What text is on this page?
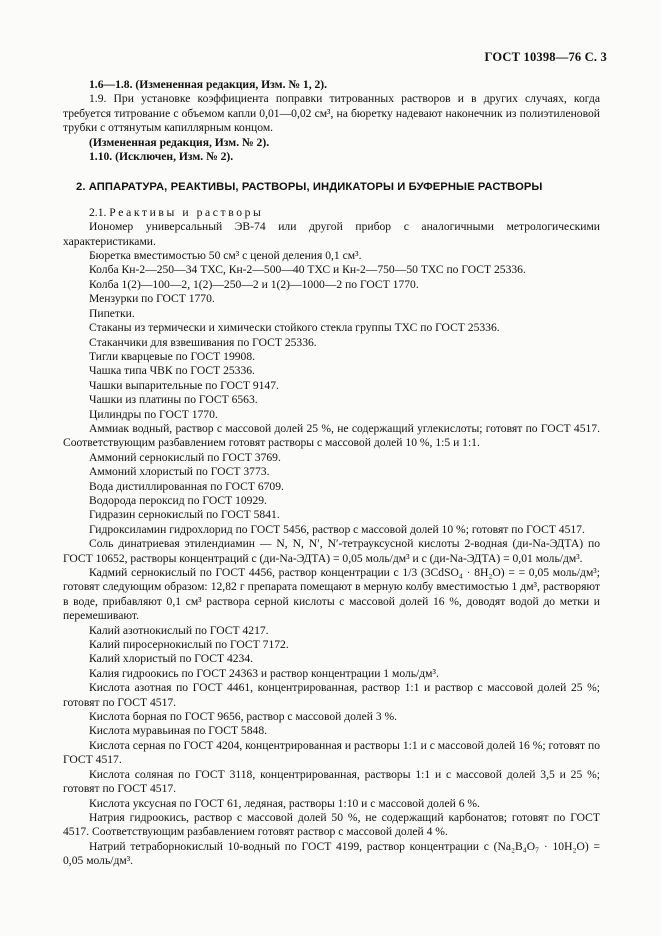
ГОСТ 10398—76 С. 3

1.6—1.8. (Измененная редакция, Изм. № 1, 2).

1.9. При установке коэффициента поправки титрованных растворов и в других случаях, когда требуется титрование с объемом капли 0,01—0,02 см³, на бюретку надевают наконечник из полиэтиленовой трубки с оттянутым капиллярным концом.

(Измененная редакция, Изм. № 2).

1.10. (Исключен, Изм. № 2).

2. АППАРАТУРА, РЕАКТИВЫ, РАСТВОРЫ, ИНДИКАТОРЫ И БУФЕРНЫЕ РАСТВОРЫ

2.1. Реактивы и растворы

Иономер универсальный ЭВ-74 или другой прибор с аналогичными метрологическими характеристиками.

Бюретка вместимостью 50 см³ с ценой деления 0,1 см³.

Колба Кн-2—250—34 ТХС, Кн-2—500—40 ТХС и Кн-2—750—50 ТХС по ГОСТ 25336.

Колба 1(2)—100—2, 1(2)—250—2 и 1(2)—1000—2 по ГОСТ 1770.

Мензурки по ГОСТ 1770.

Пипетки.

Стаканы из термически и химически стойкого стекла группы ТХС по ГОСТ 25336.

Стаканчики для взвешивания по ГОСТ 25336.

Тигли кварцевые по ГОСТ 19908.

Чашка типа ЧВК по ГОСТ 25336.

Чашки выпарительные по ГОСТ 9147.

Чашки из платины по ГОСТ 6563.

Цилиндры по ГОСТ 1770.

Аммиак водный, раствор с массовой долей 25 %, не содержащий углекислоты; готовят по ГОСТ 4517. Соответствующим разбавлением готовят растворы с массовой долей 10 %, 1:5 и 1:1.

Аммоний сернокислый по ГОСТ 3769.

Аммоний хлористый по ГОСТ 3773.

Вода дистиллированная по ГОСТ 6709.

Водорода пероксид по ГОСТ 10929.

Гидразин сернокислый по ГОСТ 5841.

Гидроксиламин гидрохлорид по ГОСТ 5456, раствор с массовой долей 10 %; готовят по ГОСТ 4517.

Соль динатриевая этилендиамин — N, N, N′, N′-тетрауксусной кислоты 2-водная (ди-Na-ЭДТА) по ГОСТ 10652, растворы концентраций c (ди-Na-ЭДТА) = 0,05 моль/дм³ и c (ди-Na-ЭДТА) = 0,01 моль/дм³.

Кадмий сернокислый по ГОСТ 4456, раствор концентрации c 1/3 (3CdSO₄ · 8H₂O) = = 0,05 моль/дм³; готовят следующим образом: 12,82 г препарата помещают в мерную колбу вместимостью 1 дм³, растворяют в воде, прибавляют 0,1 см³ раствора серной кислоты с массовой долей 16 %, доводят водой до метки и перемешивают.

Калий азотнокислый по ГОСТ 4217.

Калий пиросернокислый по ГОСТ 7172.

Калий хлористый по ГОСТ 4234.

Калия гидроокись по ГОСТ 24363 и раствор концентрации 1 моль/дм³.

Кислота азотная по ГОСТ 4461, концентрированная, раствор 1:1 и раствор с массовой долей 25 %; готовят по ГОСТ 4517.

Кислота борная по ГОСТ 9656, раствор с массовой долей 3 %.

Кислота муравьиная по ГОСТ 5848.

Кислота серная по ГОСТ 4204, концентрированная и растворы 1:1 и с массовой долей 16 %; готовят по ГОСТ 4517.

Кислота соляная по ГОСТ 3118, концентрированная, растворы 1:1 и с массовой долей 3,5 и 25 %; готовят по ГОСТ 4517.

Кислота уксусная по ГОСТ 61, ледяная, растворы 1:10 и с массовой долей 6 %.

Натрия гидроокись, раствор с массовой долей 50 %, не содержащий карбонатов; готовят по ГОСТ 4517. Соответствующим разбавлением готовят раствор с массовой долей 4 %.

Натрий тетраборнокислый 10-водный по ГОСТ 4199, раствор концентрации c (Na₂B₄O₇ · 10H₂O) = 0,05 моль/дм³.
